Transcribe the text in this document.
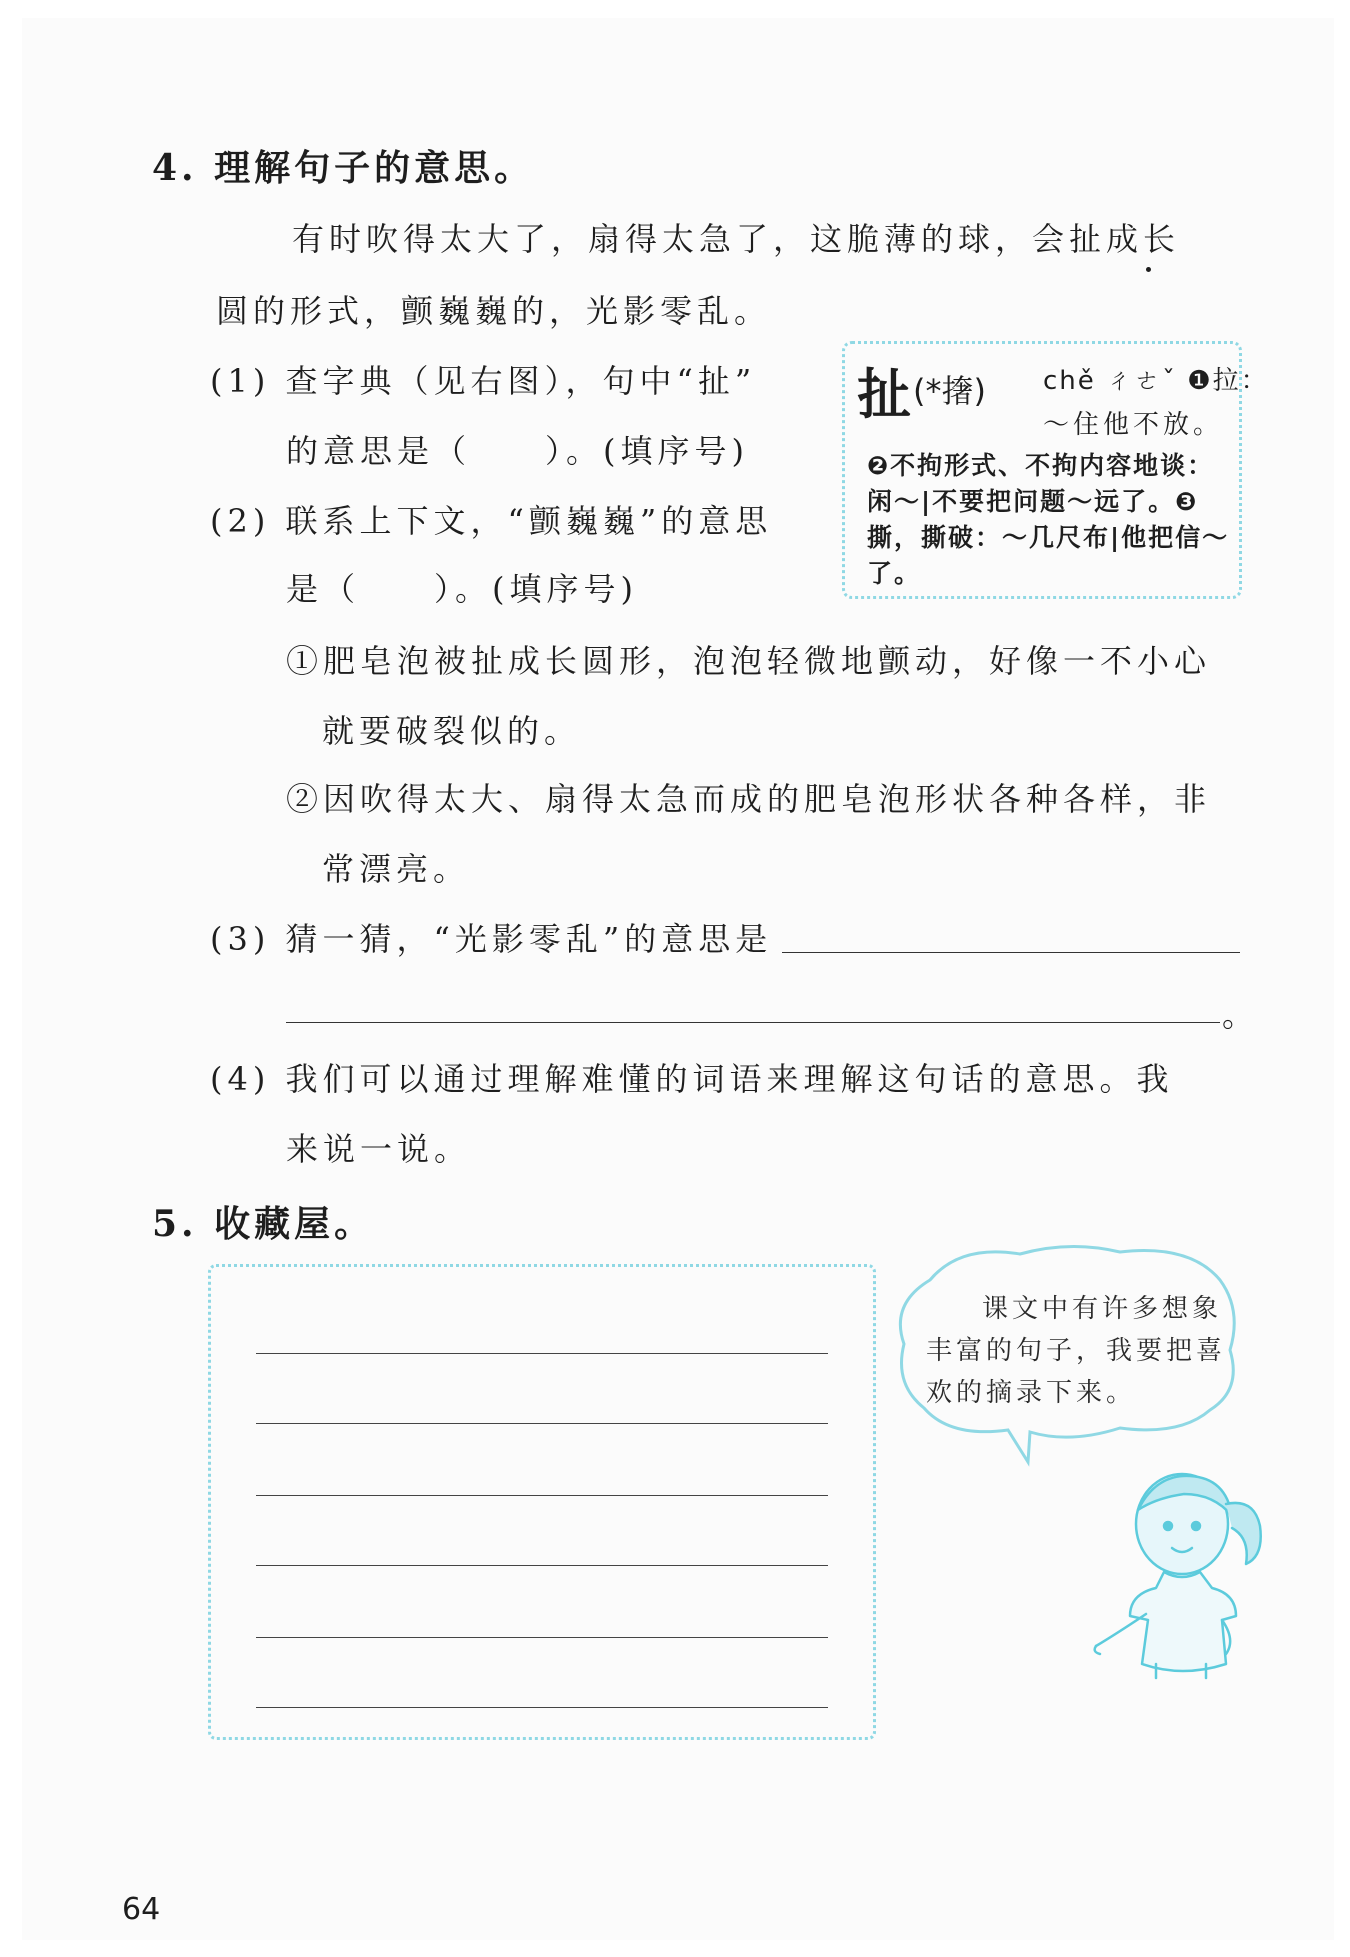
4. 理解句子的意思。
有时吹得太大了，扇得太急了，这脆薄的球，会扯成长
圆的形式，颤巍巍的，光影零乱。
(1) 查字典（见右图），句中“扯”
的意思是（　　）。(填序号)
(2) 联系上下文，“颤巍巍”的意思
是（　　）。(填序号)
扯 (*撦) chě ㄔㄜˇ ❶拉：
～住他不放。
❷不拘形式、不拘内容地谈：
闲～|不要把问题～远了。❸
撕，撕破：～几尺布|他把信～
了。
①肥皂泡被扯成长圆形，泡泡轻微地颤动，好像一不小心
就要破裂似的。
②因吹得太大、扇得太急而成的肥皂泡形状各种各样，非
常漂亮。
(3) 猜一猜，“光影零乱”的意思是
。
(4) 我们可以通过理解难懂的词语来理解这句话的意思。我
来说一说。
5. 收藏屋。
课文中有许多想象
丰富的句子，我要把喜
欢的摘录下来。
64
